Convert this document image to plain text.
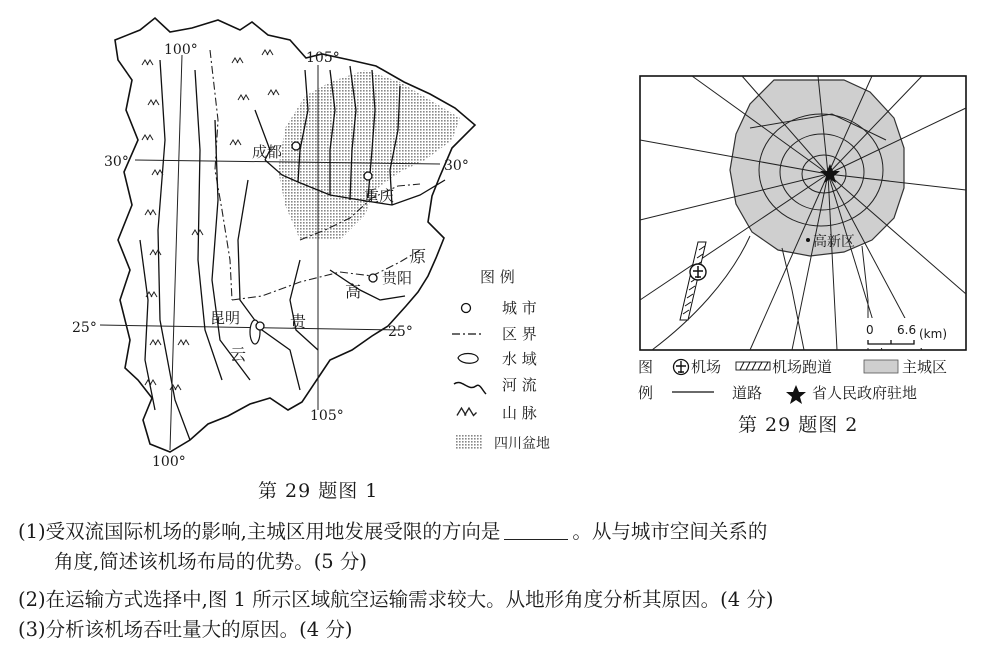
100°	105°
105°
100°
30°	30°
25°	25°
成都
重庆
贵阳
昆明
云
贵
高
原
图 例
城 市
区 界
水 域
河 流
山 脉
四川盆地
第 29 题图 1
高新区
0 6.6 (km)
图
例
机场	机场跑道	主城区
道路	省人民政府驻地
第 29 题图 2
(1)受双流国际机场的影响,主城区用地发展受限的方向是	。从与城市空间关系的
角度,简述该机场布局的优势。(5 分)
(2)在运输方式选择中,图 1 所示区域航空运输需求较大。从地形角度分析其原因。(4 分)
(3)分析该机场吞吐量大的原因。(4 分)
